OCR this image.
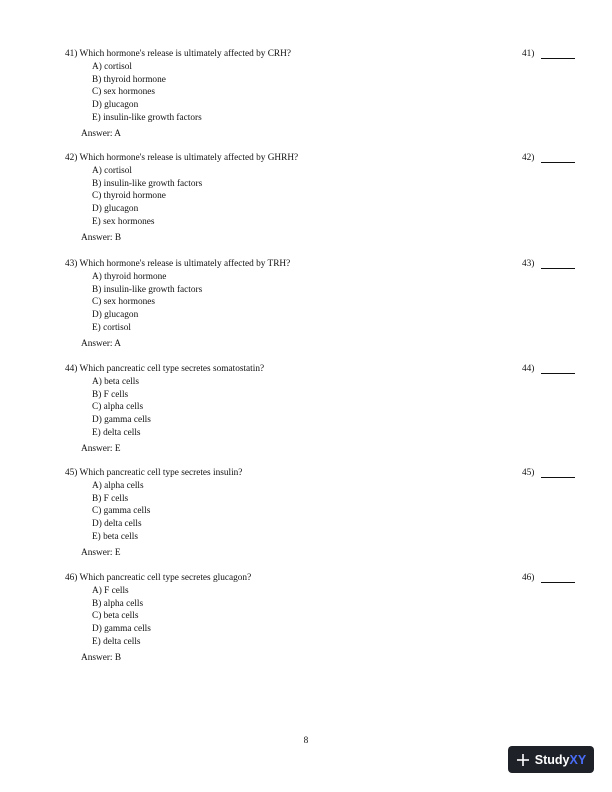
41) Which hormone's release is ultimately affected by CRH?	41)
A) cortisol
B) thyroid hormone
C) sex hormones
D) glucagon
E) insulin-like growth factors
Answer: A
42) Which hormone's release is ultimately affected by GHRH?	42)
A) cortisol
B) insulin-like growth factors
C) thyroid hormone
D) glucagon
E) sex hormones
Answer: B
43) Which hormone's release is ultimately affected by TRH?	43)
A) thyroid hormone
B) insulin-like growth factors
C) sex hormones
D) glucagon
E) cortisol
Answer: A
44) Which pancreatic cell type secretes somatostatin?	44)
A) beta cells
B) F cells
C) alpha cells
D) gamma cells
E) delta cells
Answer: E
45) Which pancreatic cell type secretes insulin?	45)
A) alpha cells
B) F cells
C) gamma cells
D) delta cells
E) beta cells
Answer: E
46) Which pancreatic cell type secretes glucagon?	46)
A) F cells
B) alpha cells
C) beta cells
D) gamma cells
E) delta cells
Answer: B
8
StudyXY
